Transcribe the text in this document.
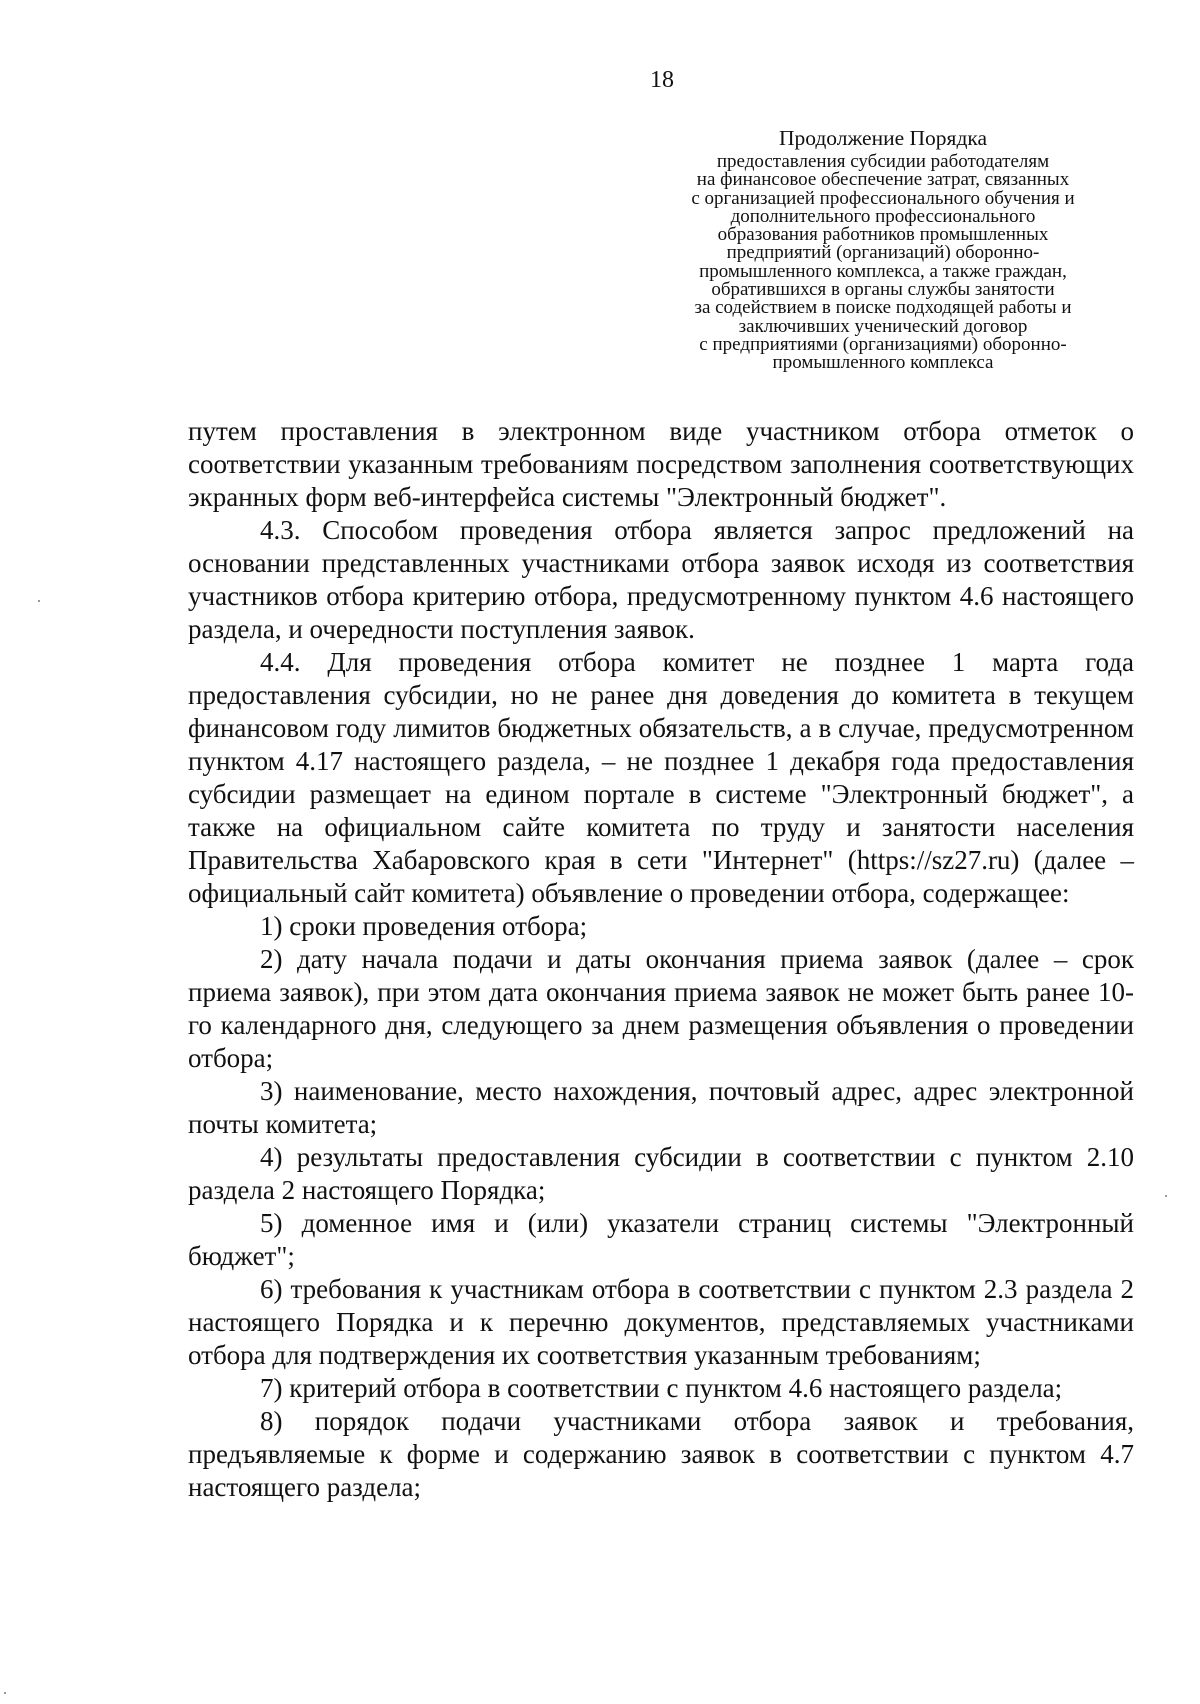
18
Продолжение Порядка
предоставления субсидии работодателям
на финансовое обеспечение затрат, связанных
с организацией профессионального обучения и
дополнительного профессионального
образования работников промышленных
предприятий (организаций) оборонно-
промышленного комплекса, а также граждан,
обратившихся в органы службы занятости
за содействием в поиске подходящей работы и
заключивших ученический договор
с предприятиями (организациями) оборонно-
промышленного комплекса

путем проставления в электронном виде участником отбора отметок о соответствии указанным требованиям посредством заполнения соответствующих экранных форм веб-интерфейса системы "Электронный бюджет".

4.3. Способом проведения отбора является запрос предложений на основании представленных участниками отбора заявок исходя из соответствия участников отбора критерию отбора, предусмотренному пунктом 4.6 настоящего раздела, и очередности поступления заявок.

4.4. Для проведения отбора комитет не позднее 1 марта года предоставления субсидии, но не ранее дня доведения до комитета в текущем финансовом году лимитов бюджетных обязательств, а в случае, предусмотренном пунктом 4.17 настоящего раздела, – не позднее 1 декабря года предоставления субсидии размещает на едином портале в системе "Электронный бюджет", а также на официальном сайте комитета по труду и занятости населения Правительства Хабаровского края в сети "Интернет" (https://sz27.ru) (далее – официальный сайт комитета) объявление о проведении отбора, содержащее:

1) сроки проведения отбора;

2) дату начала подачи и даты окончания приема заявок (далее – срок приема заявок), при этом дата окончания приема заявок не может быть ранее 10-го календарного дня, следующего за днем размещения объявления о проведении отбора;

3) наименование, место нахождения, почтовый адрес, адрес электронной почты комитета;

4) результаты предоставления субсидии в соответствии с пунктом 2.10 раздела 2 настоящего Порядка;

5) доменное имя и (или) указатели страниц системы "Электронный бюджет";

6) требования к участникам отбора в соответствии с пунктом 2.3 раздела 2 настоящего Порядка и к перечню документов, представляемых участниками отбора для подтверждения их соответствия указанным требованиям;

7) критерий отбора в соответствии с пунктом 4.6 настоящего раздела;

8) порядок подачи участниками отбора заявок и требования, предъявляемые к форме и содержанию заявок в соответствии с пунктом 4.7 настоящего раздела;
